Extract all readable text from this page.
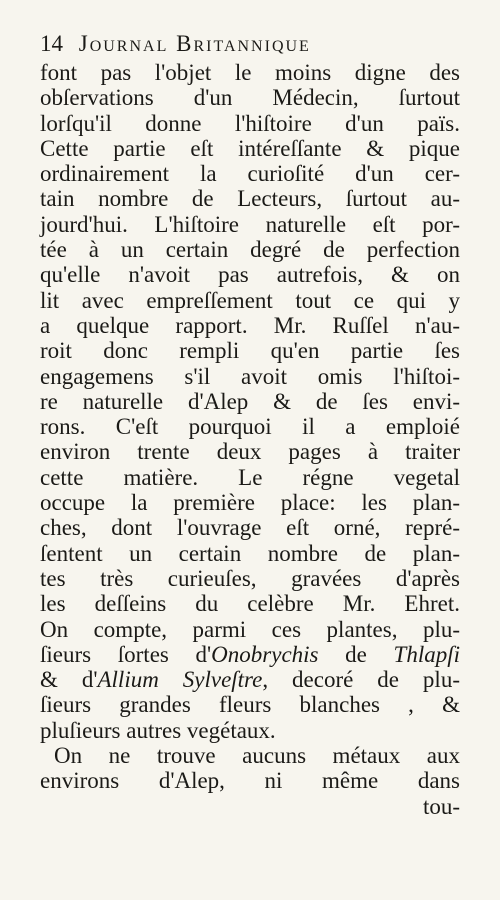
14 Journal Britannique
font pas l'objet le moins digne des
obſervations d'un Médecin, ſurtout
lorſqu'il donne l'hiſtoire d'un païs.
Cette partie eſt intéreſſante & pique
ordinairement la curioſité d'un cer-
tain nombre de Lecteurs, ſurtout au-
jourd'hui. L'hiſtoire naturelle eſt por-
tée à un certain degré de perfection
qu'elle n'avoit pas autrefois, & on
lit avec empreſſement tout ce qui y
a quelque rapport. Mr. Ruſſel n'au-
roit donc rempli qu'en partie ſes
engagemens s'il avoit omis l'hiſtoi-
re naturelle d'Alep & de ſes envi-
rons. C'eſt pourquoi il a emploié
environ trente deux pages à traiter
cette matière. Le régne vegetal
occupe la première place: les plan-
ches, dont l'ouvrage eſt orné, repré-
ſentent un certain nombre de plan-
tes très curieuſes, gravées d'après
les deſſeins du celèbre Mr. Ehret.
On compte, parmi ces plantes, plu-
ſieurs ſortes d'Onobrychis de Thlapſi
& d'Allium Sylveſtre, decoré de plu-
ſieurs grandes fleurs blanches , &
pluſieurs autres vegétaux.
On ne trouve aucuns métaux aux
environs d'Alep, ni même dans
tou-
